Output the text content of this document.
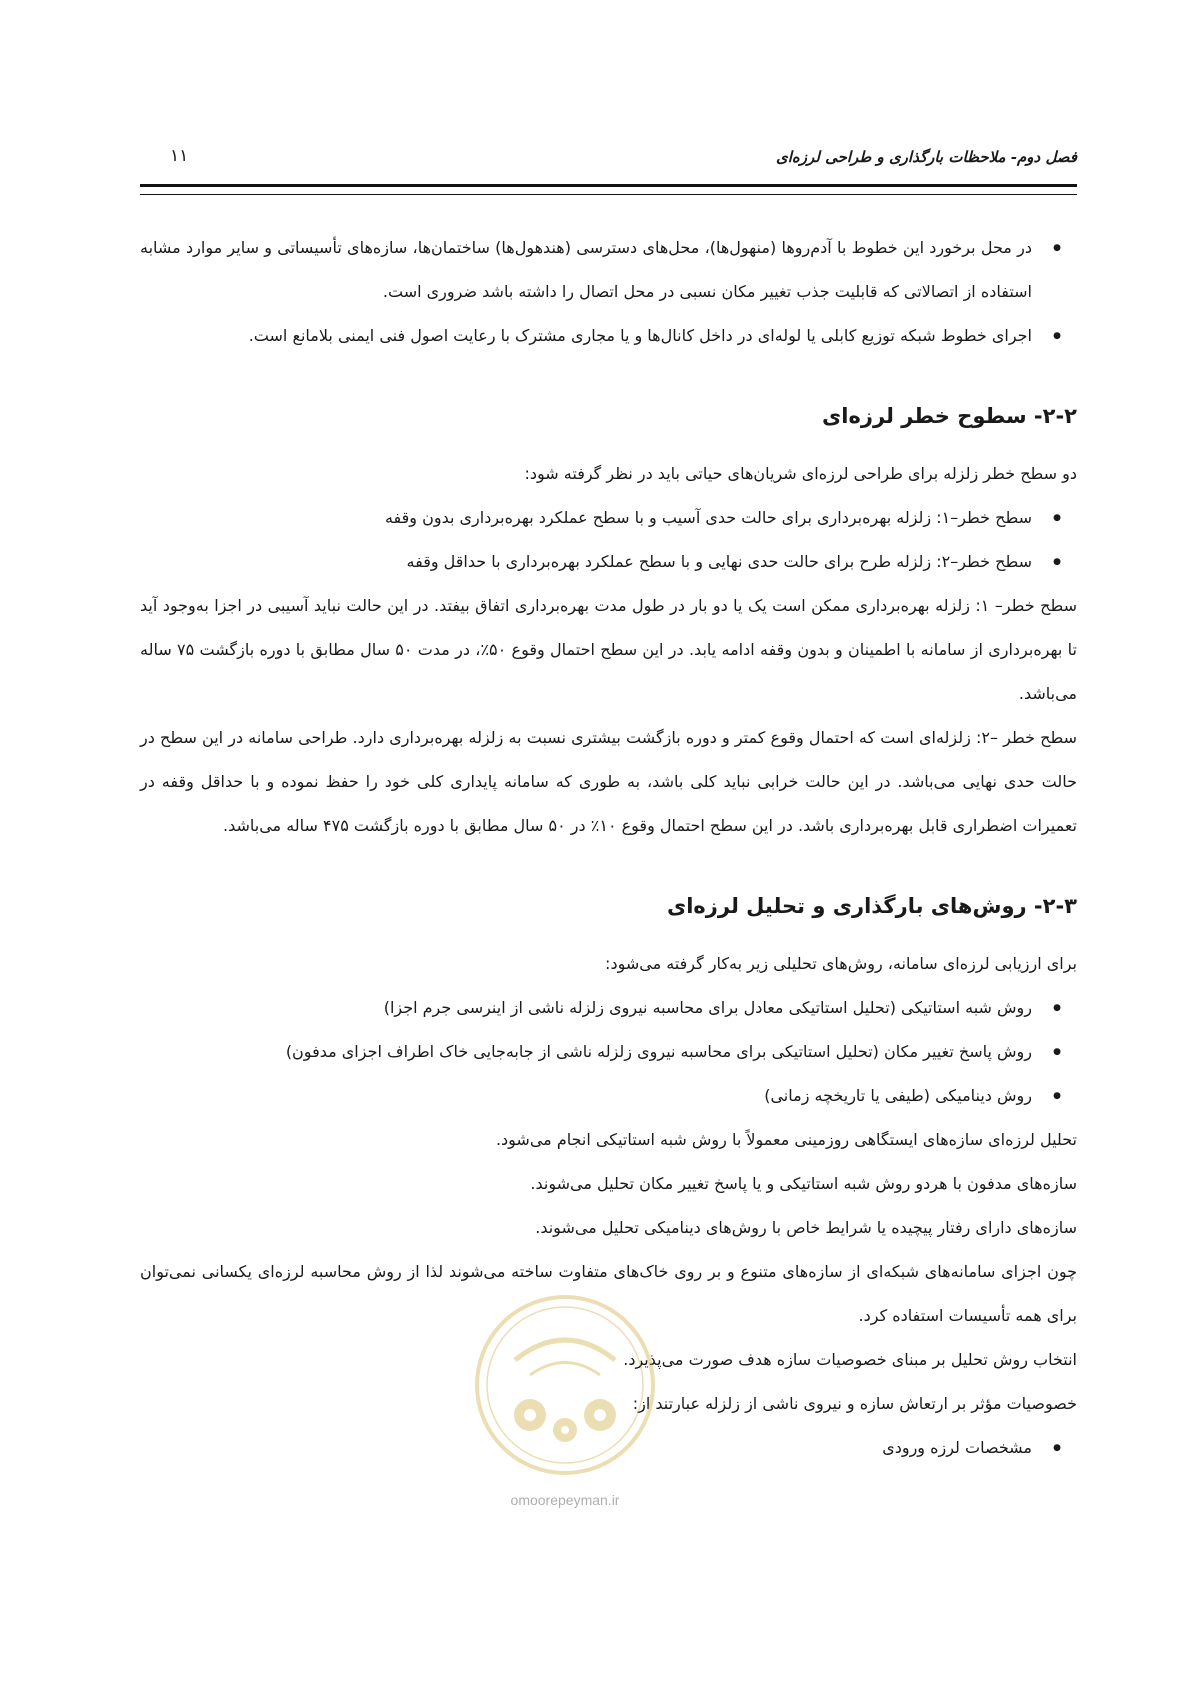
فصل دوم- ملاحظات بارگذاری و طراحی لرزه‌ای
۱۱
● در محل برخورد این خطوط با آدم‌روها (منهول‌ها)، محل‌های دسترسی (هندهول‌ها) ساختمان‌ها، سازه‌های تأسیساتی و سایر موارد مشابه استفاده از اتصالاتی که قابلیت جذب تغییر مکان نسبی در محل اتصال را داشته باشد ضروری است.
● اجرای خطوط شبکه توزیع کابلی یا لوله‌ای در داخل کانال‌ها و یا مجاری مشترک با رعایت اصول فنی ایمنی بلامانع است.
۲-۲- سطوح خطر لرزه‌ای

دو سطح خطر زلزله برای طراحی لرزه‌ای شریان‌های حیاتی باید در نظر گرفته شود:

● سطح خطر–۱: زلزله بهره‌برداری برای حالت حدی آسیب و با سطح عملکرد بهره‌برداری بدون وقفه
● سطح خطر–۲: زلزله طرح برای حالت حدی نهایی و با سطح عملکرد بهره‌برداری با حداقل وقفه

سطح خطر– ۱: زلزله بهره‌برداری ممکن است یک یا دو بار در طول مدت بهره‌برداری اتفاق بیفتد. در این حالت نباید آسیبی در اجزا به‌وجود آید تا بهره‌برداری از سامانه با اطمینان و بدون وقفه ادامه یابد. در این سطح احتمال وقوع ۵۰٪، در مدت ۵۰ سال مطابق با دوره بازگشت ۷۵ ساله می‌باشد.

سطح خطر –۲: زلزله‌ای است که احتمال وقوع کمتر و دوره بازگشت بیشتری نسبت به زلزله بهره‌برداری دارد. طراحی سامانه در این سطح در حالت حدی نهایی می‌باشد. در این حالت خرابی نباید کلی باشد، به طوری که سامانه پایداری کلی خود را حفظ نموده و با حداقل وقفه در تعمیرات اضطراری قابل بهره‌برداری باشد. در این سطح احتمال وقوع ۱۰٪ در ۵۰ سال مطابق با دوره بازگشت ۴۷۵ ساله می‌باشد.

۲-۳- روش‌های بارگذاری و تحلیل لرزه‌ای

برای ارزیابی لرزه‌ای سامانه، روش‌های تحلیلی زیر به‌کار گرفته می‌شود:

● روش شبه استاتیکی (تحلیل استاتیکی معادل برای محاسبه نیروی زلزله ناشی از اینرسی جرم اجزا)
● روش پاسخ تغییر مکان (تحلیل استاتیکی برای محاسبه نیروی زلزله ناشی از جابه‌جایی خاک اطراف اجزای مدفون)
● روش دینامیکی (طیفی یا تاریخچه زمانی)

تحلیل لرزه‌ای سازه‌های ایستگاهی روزمینی معمولاً با روش شبه استاتیکی انجام می‌شود.

سازه‌های مدفون با هردو روش شبه استاتیکی و یا پاسخ تغییر مکان تحلیل می‌شوند.

سازه‌های دارای رفتار پیچیده یا شرایط خاص با روش‌های دینامیکی تحلیل می‌شوند.

چون اجزای سامانه‌های شبکه‌ای از سازه‌های متنوع و بر روی خاک‌های متفاوت ساخته می‌شوند لذا از روش محاسبه لرزه‌ای یکسانی نمی‌توان برای همه تأسیسات استفاده کرد.

انتخاب روش تحلیل بر مبنای خصوصیات سازه هدف صورت می‌پذیرد.

خصوصیات مؤثر بر ارتعاش سازه و نیروی ناشی از زلزله عبارتند از:

● مشخصات لرزه ورودی
omoorepeyman.ir
